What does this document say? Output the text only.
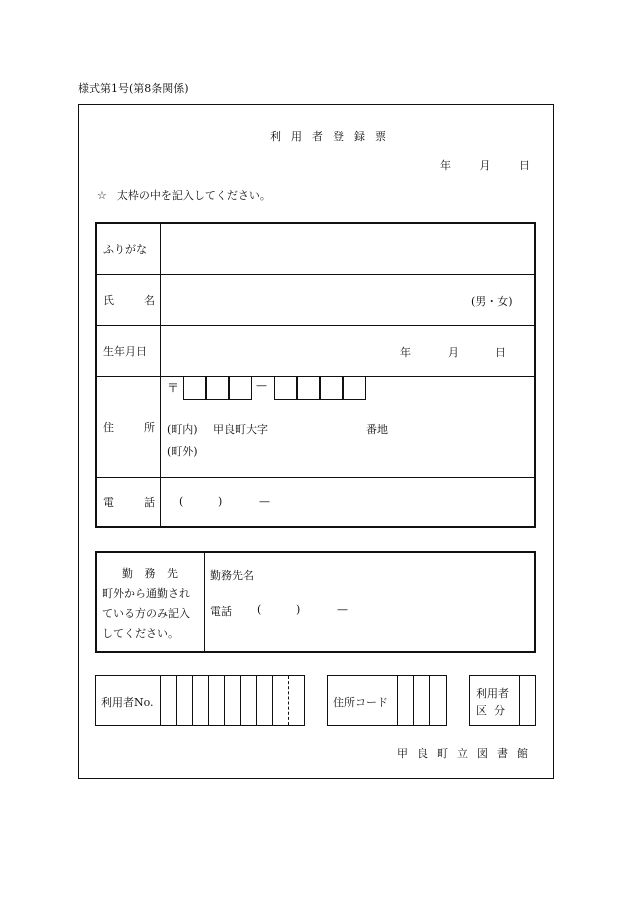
様式第1号(第8条関係)
利用者登録票
年	月	日
☆ 太枠の中を記入してください。
ふりがな
氏	名	(男・女)
生年月日	年	月	日
住	所
〒	—
(町内) 甲良町大字	番地
(町外)
電	話 (	)	—
勤 務 先
町外から通勤され
ている方のみ記入
してください。
勤務先名
電話 (	)	—
利用者No.	住所コード
利用者
区  分
甲良町立図書館
